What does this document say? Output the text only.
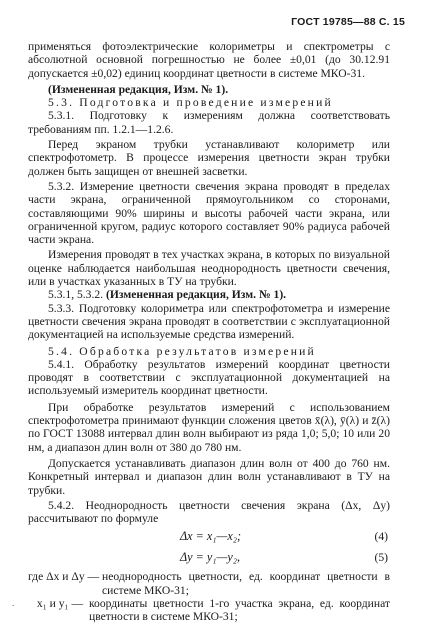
ГОСТ 19785—88 С. 15

применяться фотоэлектрические колориметры и спектрометры с абсолютной основной погрешностью не более ±0,01 (до 30.12.91 допускается ±0,02) единиц координат цветности в системе МКО-31.

(Измененная редакция, Изм. № 1).

5.3. Подготовка и проведение измерений

5.3.1. Подготовку к измерениям должна соответствовать требованиям пп. 1.2.1—1.2.6.

Перед экраном трубки устанавливают колориметр или спектрофотометр. В процессе измерения цветности экран трубки должен быть защищен от внешней засветки.

5.3.2. Измерение цветности свечения экрана проводят в пределах части экрана, ограниченной прямоугольником со сторонами, составляющими 90% ширины и высоты рабочей части экрана, или ограниченной кругом, радиус которого составляет 90% радиуса рабочей части экрана.

Измерения проводят в тех участках экрана, в которых по визуальной оценке наблюдается наибольшая неоднородность цветности свечения, или в участках указанных в ТУ на трубки.

5.3.1, 5.3.2. (Измененная редакция, Изм. № 1).

5.3.3. Подготовку колориметра или спектрофотометра и измерение цветности свечения экрана проводят в соответствии с эксплуатационной документацией на используемые средства измерений.

5.4. Обработка результатов измерений

5.4.1. Обработку результатов измерений координат цветности проводят в соответствии с эксплуатационной документацией на используемый измеритель координат цветности.

При обработке результатов измерений с использованием спектрофотометра принимают функции сложения цветов x̄(λ), ȳ(λ) и z̄(λ) по ГОСТ 13088 интервал длин волн выбирают из ряда 1,0; 5,0; 10 или 20 нм, а диапазон длин волн от 380 до 780 нм.

Допускается устанавливать диапазон длин волн от 400 до 760 нм. Конкретный интервал и диапазон длин волн устанавливают в ТУ на трубки.

5.4.2. Неоднородность цветности свечения экрана (Δx, Δy) рассчитывают по формуле

Δx = x₁—x₂;	(4)
Δy = y₁—y₂,	(5)
где Δx и Δy — неоднородность цветности, ед. координат цветности в системе МКО-31;
x₁ и y₁ — координаты цветности 1-го участка экрана, ед. координат цветности в системе МКО-31;
.
